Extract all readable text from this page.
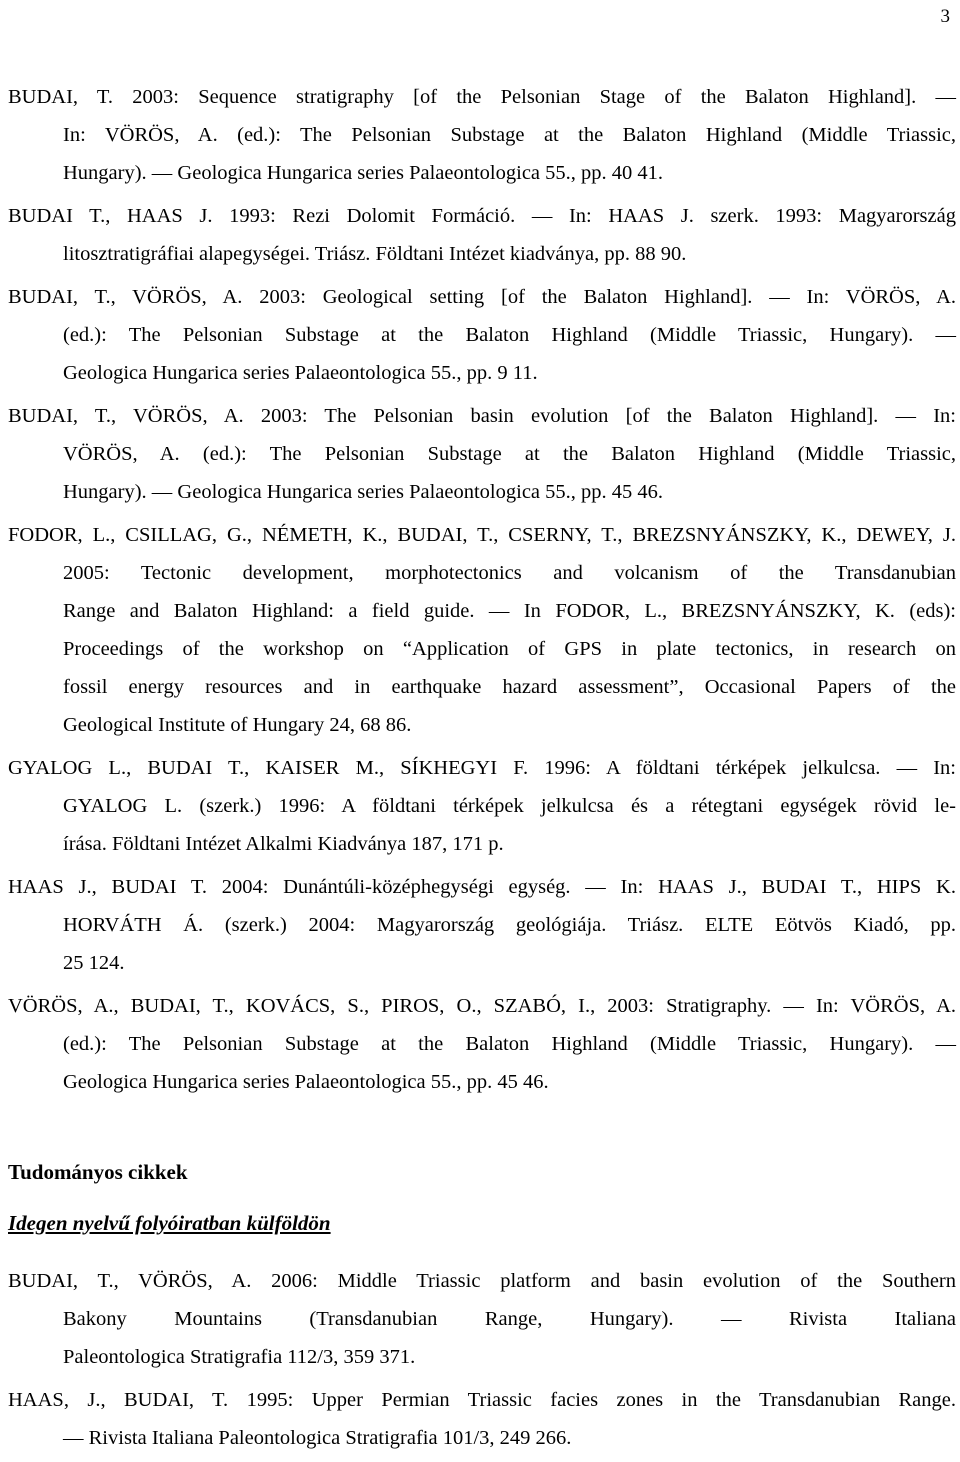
3
BUDAI, T. 2003: Sequence stratigraphy [of the Pelsonian Stage of the Balaton Highland]. —
In: VÖRÖS, A. (ed.): The Pelsonian Substage at the Balaton Highland (Middle Triassic,
Hungary). — Geologica Hungarica series Palaeontologica 55., pp. 40 41.
BUDAI T., HAAS J. 1993: Rezi Dolomit Formáció. — In: HAAS J. szerk. 1993: Magyarország
litosztratigráfiai alapegységei. Triász. Földtani Intézet kiadványa, pp. 88 90.
BUDAI, T., VÖRÖS, A. 2003: Geological setting [of the Balaton Highland]. — In: VÖRÖS, A.
(ed.): The Pelsonian Substage at the Balaton Highland (Middle Triassic, Hungary). —
Geologica Hungarica series Palaeontologica 55., pp. 9 11.
BUDAI, T., VÖRÖS, A. 2003: The Pelsonian basin evolution [of the Balaton Highland]. — In:
VÖRÖS, A. (ed.): The Pelsonian Substage at the Balaton Highland (Middle Triassic,
Hungary). — Geologica Hungarica series Palaeontologica 55., pp. 45 46.
FODOR, L., CSILLAG, G., NÉMETH, K., BUDAI, T., CSERNY, T., BREZSNYÁNSZKY, K., DEWEY, J.
2005: Tectonic development, morphotectonics and volcanism of the Transdanubian
Range and Balaton Highland: a field guide. — In FODOR, L., BREZSNYÁNSZKY, K. (eds):
Proceedings of the workshop on “Application of GPS in plate tectonics, in research on
fossil energy resources and in earthquake hazard assessment”, Occasional Papers of the
Geological Institute of Hungary 24, 68 86.
GYALOG L., BUDAI T., KAISER M., SÍKHEGYI F. 1996: A földtani térképek jelkulcsa. — In:
GYALOG L. (szerk.) 1996: A földtani térképek jelkulcsa és a rétegtani egységek rövid le-
írása. Földtani Intézet Alkalmi Kiadványa 187, 171 p.
HAAS J., BUDAI T. 2004: Dunántúli-középhegységi egység. — In: HAAS J., BUDAI T., HIPS K.
HORVÁTH Á. (szerk.) 2004: Magyarország geológiája. Triász. ELTE Eötvös Kiadó, pp.
25 124.
VÖRÖS, A., BUDAI, T., KOVÁCS, S., PIROS, O., SZABÓ, I., 2003: Stratigraphy. — In: VÖRÖS, A.
(ed.): The Pelsonian Substage at the Balaton Highland (Middle Triassic, Hungary). —
Geologica Hungarica series Palaeontologica 55., pp. 45 46.
Tudományos cikkek
Idegen nyelvű folyóiratban külföldön
BUDAI, T., VÖRÖS, A. 2006: Middle Triassic platform and basin evolution of the Southern
Bakony Mountains (Transdanubian Range, Hungary). — Rivista Italiana
Paleontologica Stratigrafia 112/3, 359 371.
HAAS, J., BUDAI, T. 1995: Upper Permian Triassic facies zones in the Transdanubian Range.
— Rivista Italiana Paleontologica Stratigrafia 101/3, 249 266.
